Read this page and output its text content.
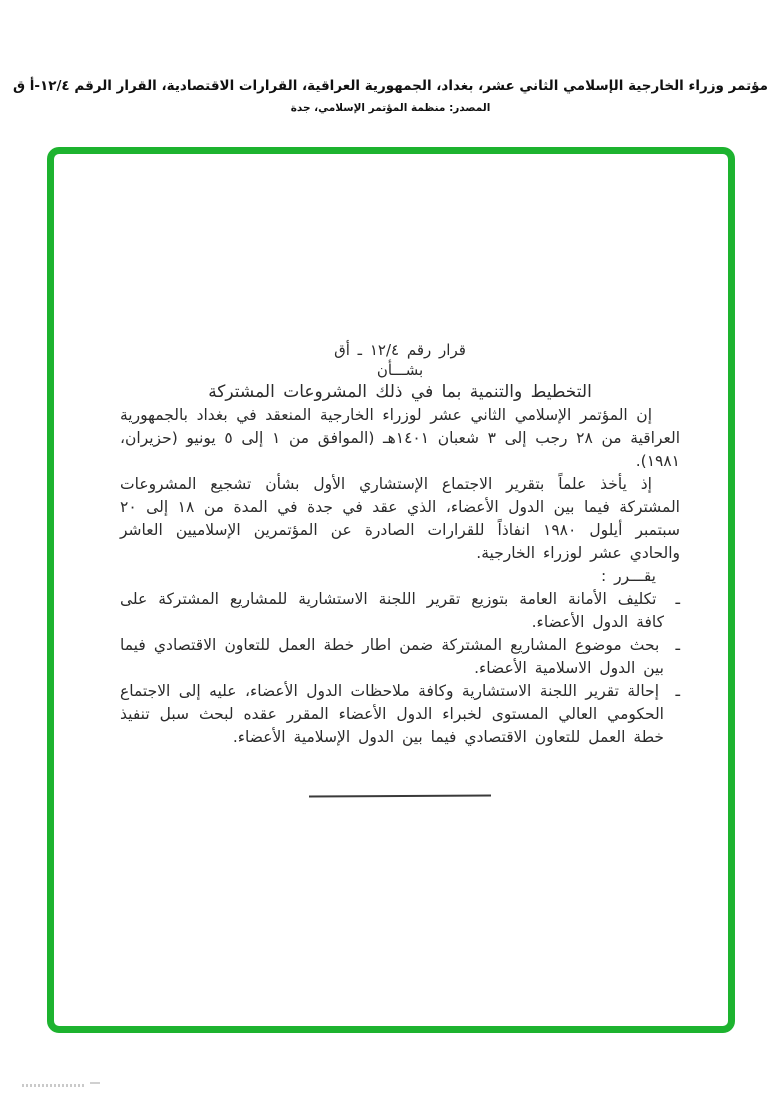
مؤتمر وزراء الخارجية الإسلامي الثاني عشر، بغداد، الجمهورية العراقية، القرارات الاقتصادية، القرار الرقم ١٢/٤-أ ق
المصدر: منظمة المؤتمر الإسلامي، جدة
قرار رقم ١٢/٤ ـ أق
بشـــأن
التخطيط والتنمية بما في ذلك المشروعات المشتركة

إن المؤتمر الإسلامي الثاني عشر لوزراء الخارجية المنعقد في بغداد بالجمهورية العراقية من ٢٨ رجب إلى ٣ شعبان ١٤٠١هـ (الموافق من ١ إلى ٥ يونيو (حزيران، ١٩٨١).

إذ يأخذ علماً بتقرير الاجتماع الإستشاري الأول بشأن تشجيع المشروعات المشتركة فيما بين الدول الأعضاء، الذي عقد في جدة في المدة من ١٨ إلى ٢٠ سبتمبر أيلول ١٩٨٠ انفاذاً للقرارات الصادرة عن المؤتمرين الإسلاميين العاشر والحادي عشر لوزراء الخارجية.

يقـــرر :

ـ تكليف الأمانة العامة بتوزيع تقرير اللجنة الاستشارية للمشاريع المشتركة على كافة الدول الأعضاء.

ـ بحث موضوع المشاريع المشتركة ضمن اطار خطة العمل للتعاون الاقتصادي فيما بين الدول الاسلامية الأعضاء.

ـ إحالة تقرير اللجنة الاستشارية وكافة ملاحظات الدول الأعضاء، عليه إلى الاجتماع الحكومي العالي المستوى لخبراء الدول الأعضاء المقرر عقده لبحث سبل تنفيذ خطة العمل للتعاون الاقتصادي فيما بين الدول الإسلامية الأعضاء.
